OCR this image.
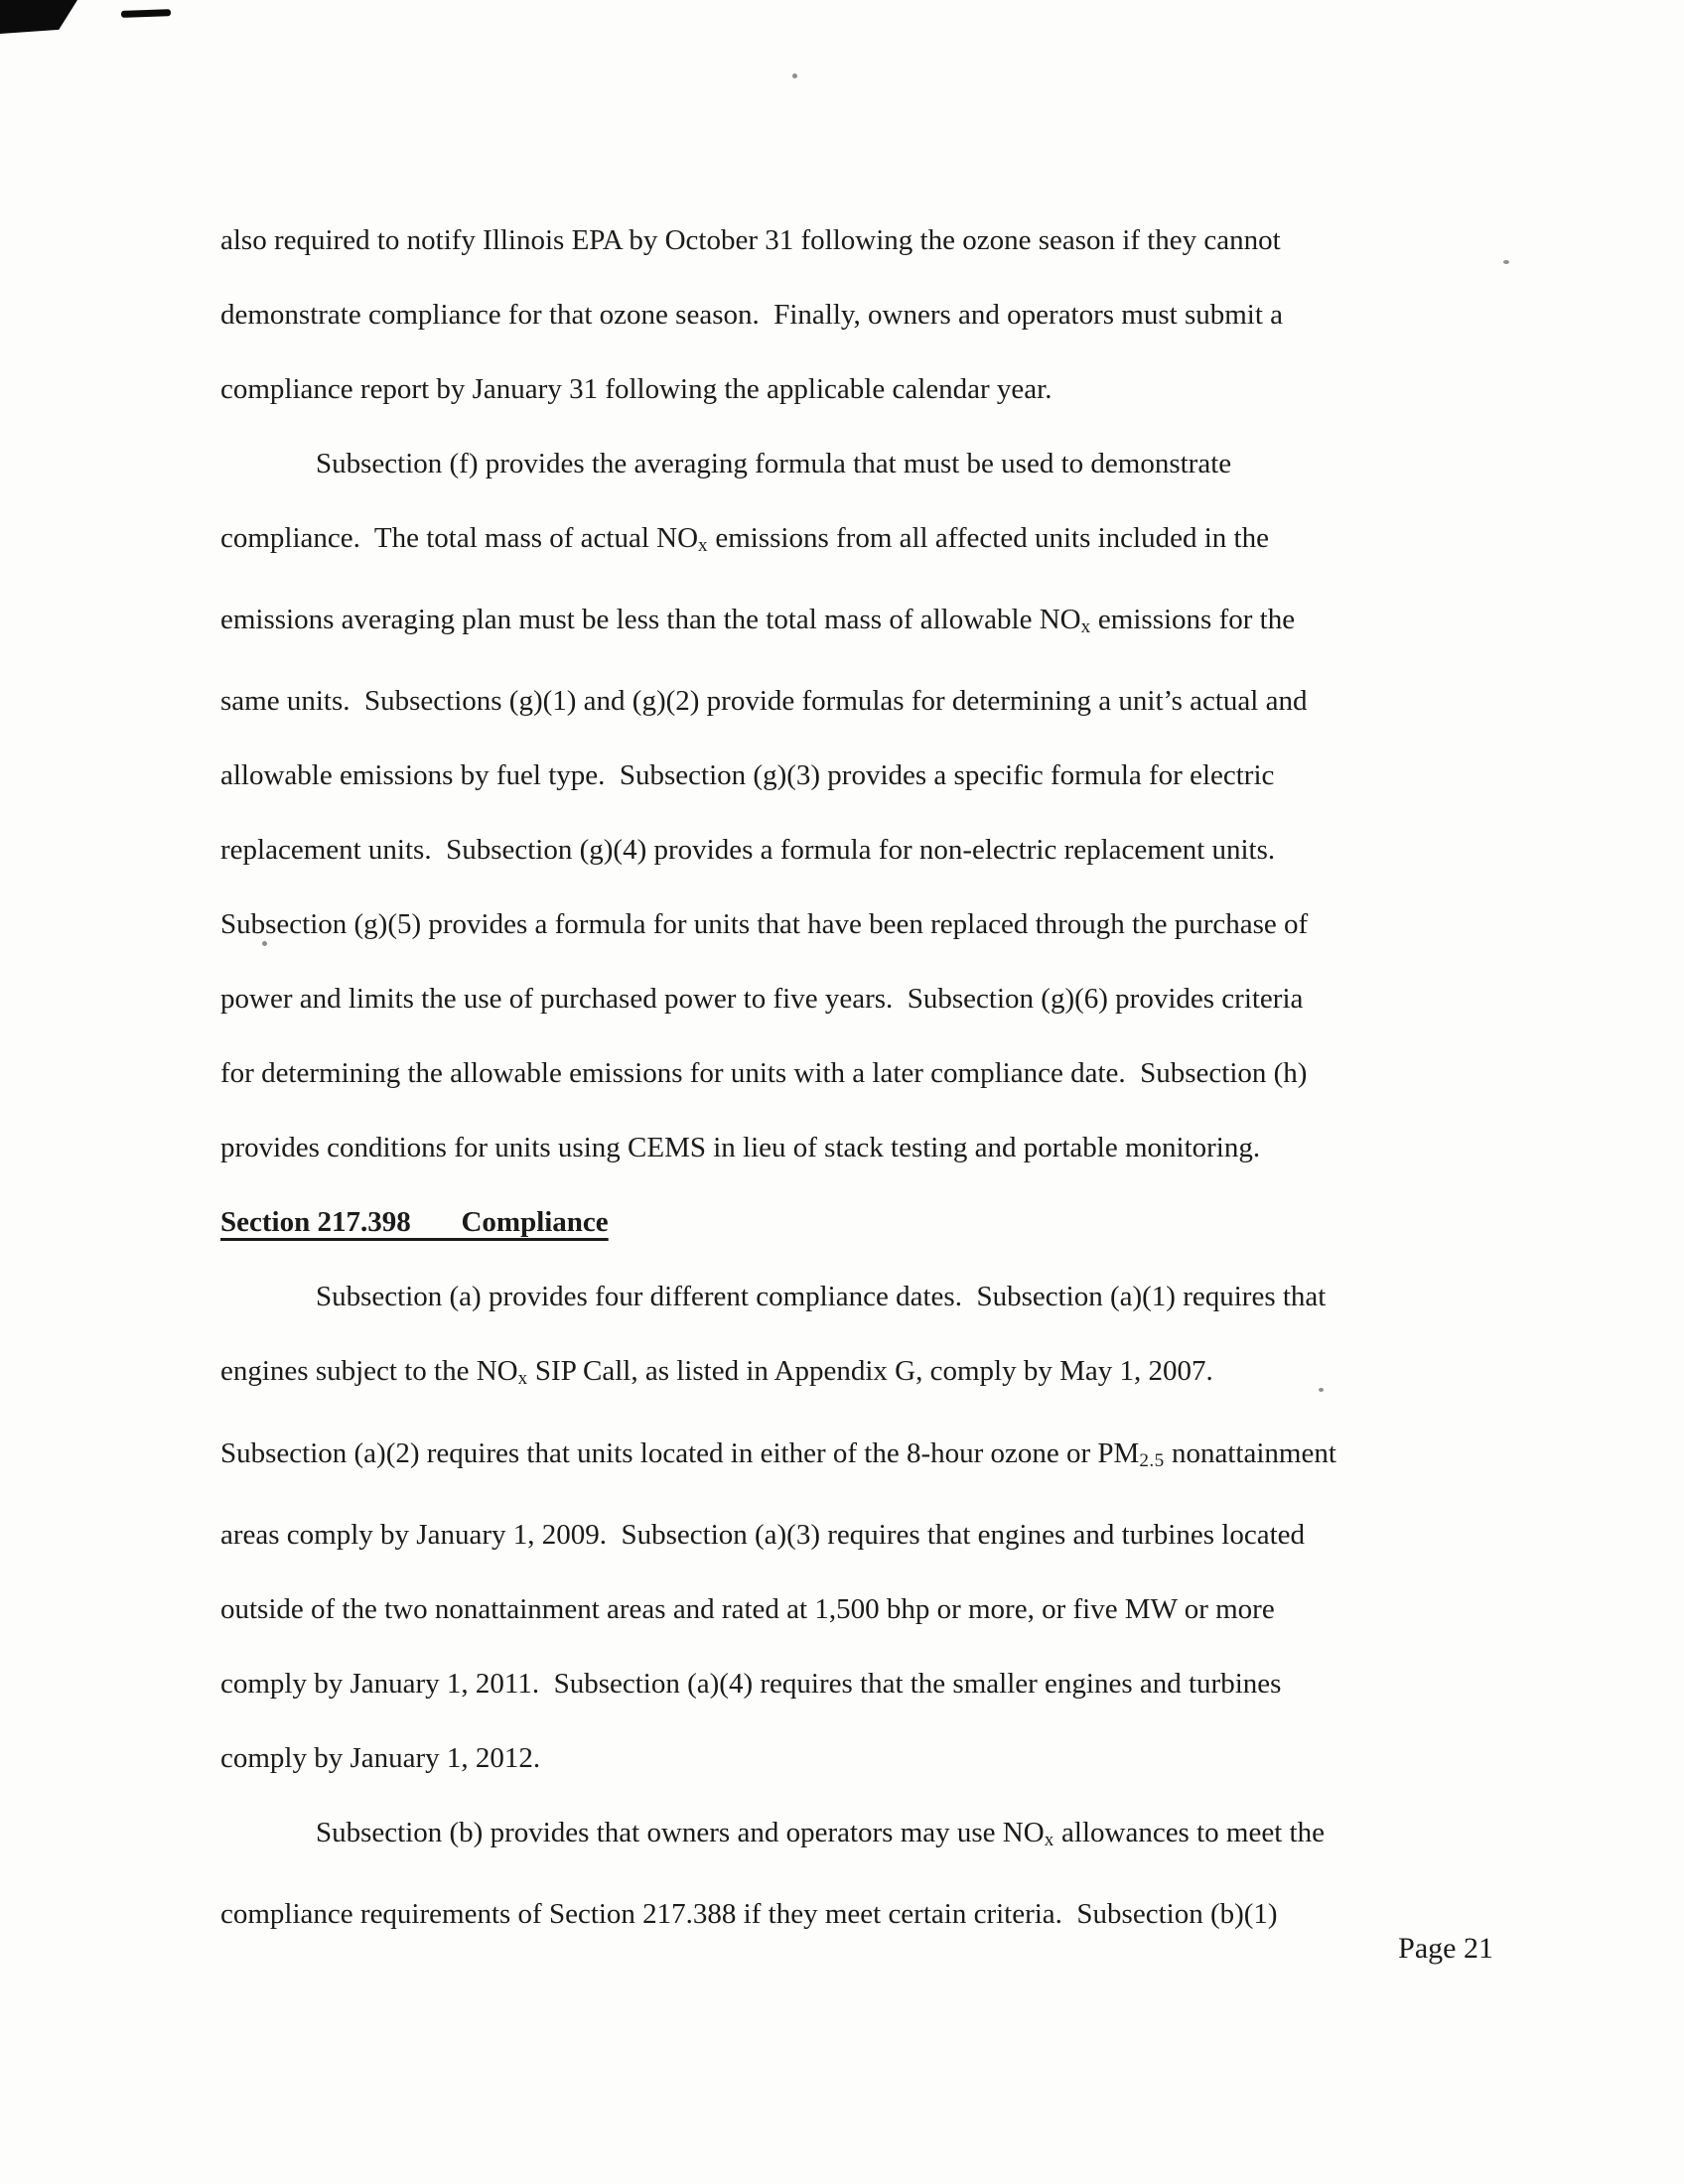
also required to notify Illinois EPA by October 31 following the ozone season if they cannot
demonstrate compliance for that ozone season.  Finally, owners and operators must submit a
compliance report by January 31 following the applicable calendar year.
Subsection (f) provides the averaging formula that must be used to demonstrate
compliance.  The total mass of actual $NO_x$ emissions from all affected units included in the
emissions averaging plan must be less than the total mass of allowable $NO_x$ emissions for the
same units.  Subsections (g)(1) and (g)(2) provide formulas for determining a unit’s actual and
allowable emissions by fuel type.  Subsection (g)(3) provides a specific formula for electric
replacement units.  Subsection (g)(4) provides a formula for non-electric replacement units.
Subsection (g)(5) provides a formula for units that have been replaced through the purchase of
power and limits the use of purchased power to five years.  Subsection (g)(6) provides criteria
for determining the allowable emissions for units with a later compliance date.  Subsection (h)
provides conditions for units using CEMS in lieu of stack testing and portable monitoring.
Section 217.398       Compliance
Subsection (a) provides four different compliance dates.  Subsection (a)(1) requires that
engines subject to the $NO_x$ SIP Call, as listed in Appendix G, comply by May 1, 2007.
Subsection (a)(2) requires that units located in either of the 8-hour ozone or $PM_{2.5}$ nonattainment
areas comply by January 1, 2009.  Subsection (a)(3) requires that engines and turbines located
outside of the two nonattainment areas and rated at 1,500 bhp or more, or five MW or more
comply by January 1, 2011.  Subsection (a)(4) requires that the smaller engines and turbines
comply by January 1, 2012.
Subsection (b) provides that owners and operators may use $NO_x$ allowances to meet the
compliance requirements of Section 217.388 if they meet certain criteria.  Subsection (b)(1)
Page 21
